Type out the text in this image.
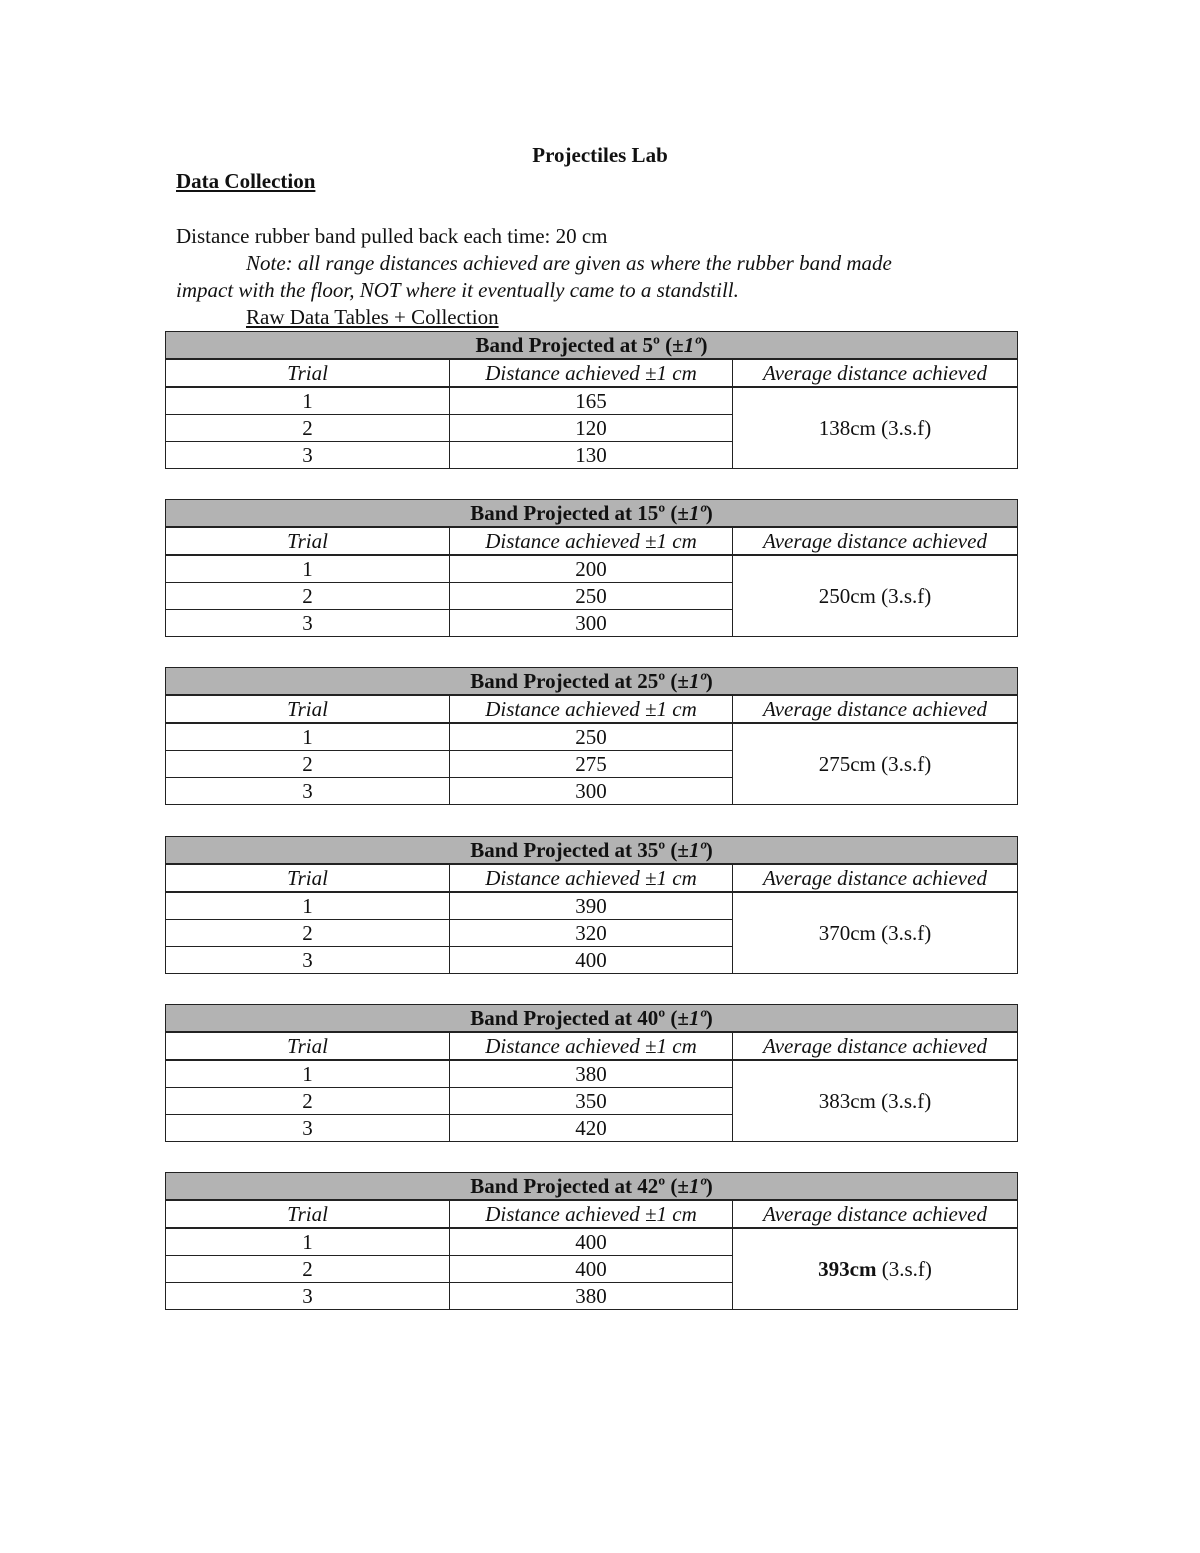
Projectiles Lab
Data Collection
Distance rubber band pulled back each time: 20 cm
Note: all range distances achieved are given as where the rubber band made
impact with the floor, NOT where it eventually came to a standstill.
Raw Data Tables + Collection
Band Projected at 5º (±1º)		
Trial	Distance achieved ±1 cm	Average distance achieved
1	165	138cm (3.s.f)
2	120	
3	130	
Band Projected at 15º (±1º)		
Trial	Distance achieved ±1 cm	Average distance achieved
1	200	250cm (3.s.f)
2	250	
3	300	
Band Projected at 25º (±1º)		
Trial	Distance achieved ±1 cm	Average distance achieved
1	250	275cm (3.s.f)
2	275	
3	300	
Band Projected at 35º (±1º)		
Trial	Distance achieved ±1 cm	Average distance achieved
1	390	370cm (3.s.f)
2	320	
3	400	
Band Projected at 40º (±1º)		
Trial	Distance achieved ±1 cm	Average distance achieved
1	380	383cm (3.s.f)
2	350	
3	420	
Band Projected at 42º (±1º)		
Trial	Distance achieved ±1 cm	Average distance achieved
1	400	393cm (3.s.f)
2	400	
3	380	
